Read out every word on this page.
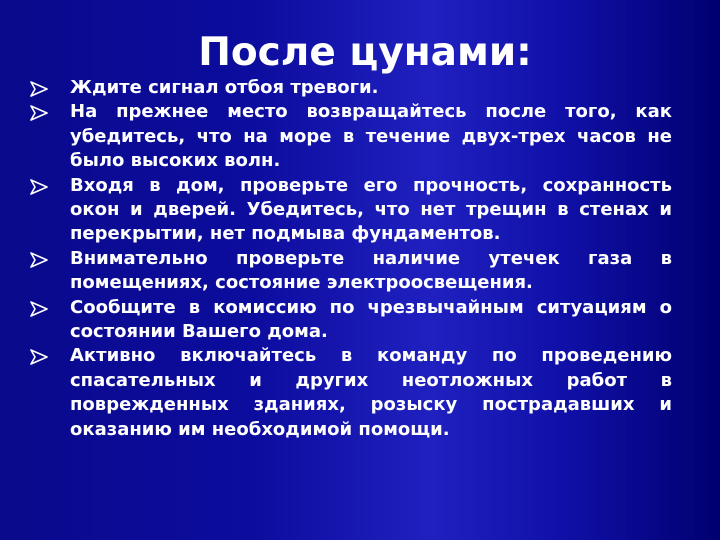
После цунами:
Ждите сигнал отбоя тревоги.
На прежнее место возвращайтесь после того, как убедитесь, что на море в течение двух-трех часов не было высоких волн.
Входя в дом, проверьте его прочность, сохранность окон и дверей. Убедитесь, что нет трещин в стенах и перекрытии, нет подмыва фундаментов.
Внимательно проверьте наличие утечек газа в помещениях, состояние электроосвещения.
Сообщите в комиссию по чрезвычайным ситуациям о состоянии Вашего дома.
Активно включайтесь в команду по проведению спасательных и других неотложных работ в поврежденных зданиях, розыску пострадавших и оказанию им необходимой помощи.
